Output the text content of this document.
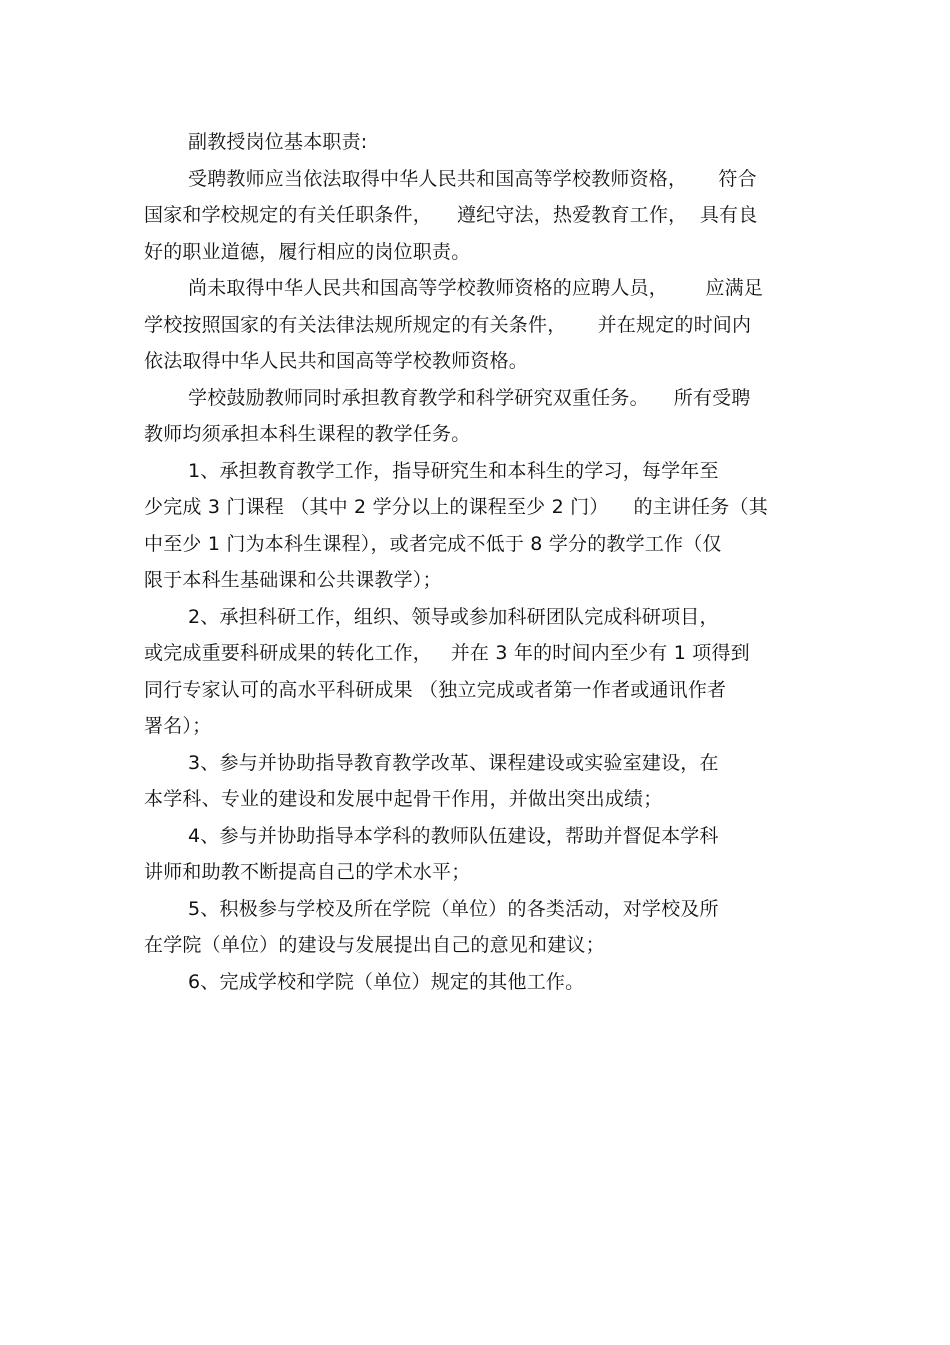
副教授岗位基本职责:

受聘教师应当依法取得中华人民共和国高等学校教师资格，     符合
国家和学校规定的有关任职条件，    遵纪守法，热爱教育工作，  具有良
好的职业道德，履行相应的岗位职责。

尚未取得中华人民共和国高等学校教师资格的应聘人员，      应满足
学校按照国家的有关法律法规所规定的有关条件，     并在规定的时间内
依法取得中华人民共和国高等学校教师资格。

学校鼓励教师同时承担教育教学和科学研究双重任务。    所有受聘
教师均须承担本科生课程的教学任务。

1、承担教育教学工作，指导研究生和本科生的学习，每学年至
少完成 3 门课程 （其中 2 学分以上的课程至少 2 门）    的主讲任务（其
中至少 1 门为本科生课程），或者完成不低于 8 学分的教学工作（仅
限于本科生基础课和公共课教学）；

2、承担科研工作，组织、领导或参加科研团队完成科研项目，
或完成重要科研成果的转化工作，   并在 3 年的时间内至少有 1 项得到
同行专家认可的高水平科研成果 （独立完成或者第一作者或通讯作者
署名）；

3、参与并协助指导教育教学改革、课程建设或实验室建设，在
本学科、专业的建设和发展中起骨干作用，并做出突出成绩；

4、参与并协助指导本学科的教师队伍建设，帮助并督促本学科
讲师和助教不断提高自己的学术水平；

5、积极参与学校及所在学院（单位）的各类活动，对学校及所
在学院（单位）的建设与发展提出自己的意见和建议；

6、完成学校和学院（单位）规定的其他工作。
